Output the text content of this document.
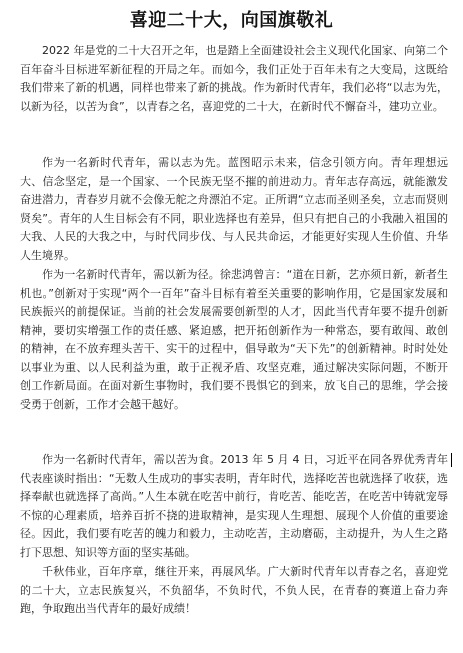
喜迎二十大，向国旗敬礼

2022 年是党的二十大召开之年，也是踏上全面建设社会主义现代化国家、向第二个百年奋斗目标进军新征程的开局之年。而如今，我们正处于百年未有之大变局，这既给我们带来了新的机遇，同样也带来了新的挑战。作为新时代青年，我们必将“以志为先，以新为径，以苦为食”，以青春之名，喜迎党的二十大，在新时代不懈奋斗，建功立业。

作为一名新时代青年，需以志为先。蓝图昭示未来，信念引领方向。青年理想远大、信念坚定，是一个国家、一个民族无坚不摧的前进动力。青年志存高远，就能激发奋进潜力，青春岁月就不会像无舵之舟漂泊不定。正所谓“立志而圣则圣矣，立志而贤则贤矣”。青年的人生目标会有不同，职业选择也有差异，但只有把自己的小我融入祖国的大我、人民的大我之中，与时代同步伐、与人民共命运，才能更好实现人生价值、升华人生境界。

作为一名新时代青年，需以新为径。徐悲鸿曾言：“道在日新，艺亦须日新，新者生机也。”创新对于实现“两个一百年”奋斗目标有着至关重要的影响作用，它是国家发展和民族振兴的前提保证。当前的社会发展需要创新型的人才，因此当代青年要不提升创新精神，要切实增强工作的责任感、紧迫感，把开拓创新作为一种常态，要有敢闯、敢创的精神，在不放弃理头苦干、实干的过程中，倡导敢为“天下先”的创新精神。时时处处以事业为重、以人民利益为重，敢于正视矛盾、攻坚克难，通过解决实际问题，不断开创工作新局面。在面对新生事物时，我们要不畏惧它的到来，放飞自己的思维，学会接受勇于创新，工作才会越干越好。

作为一名新时代青年，需以苦为食。2013 年 5 月 4 日，习近平在同各界优秀青年代表座谈时指出：“无数人生成功的事实表明，青年时代，选择吃苦也就选择了收获，选择奉献也就选择了高尚。”人生本就在吃苦中前行，肯吃苦、能吃苦，在吃苦中铸就宠辱不惊的心理素质，培养百折不挠的进取精神，是实现人生理想、展现个人价值的重要途径。因此，我们要有吃苦的魄力和毅力，主动吃苦，主动磨砺，主动提升，为人生之路打下思想、知识等方面的坚实基础。

千秋伟业，百年序章，继往开来，再展风华。广大新时代青年以青春之名，喜迎党的二十大，立志民族复兴，不负韶华，不负时代，不负人民，在青春的赛道上奋力奔跑，争取跑出当代青年的最好成绩！
